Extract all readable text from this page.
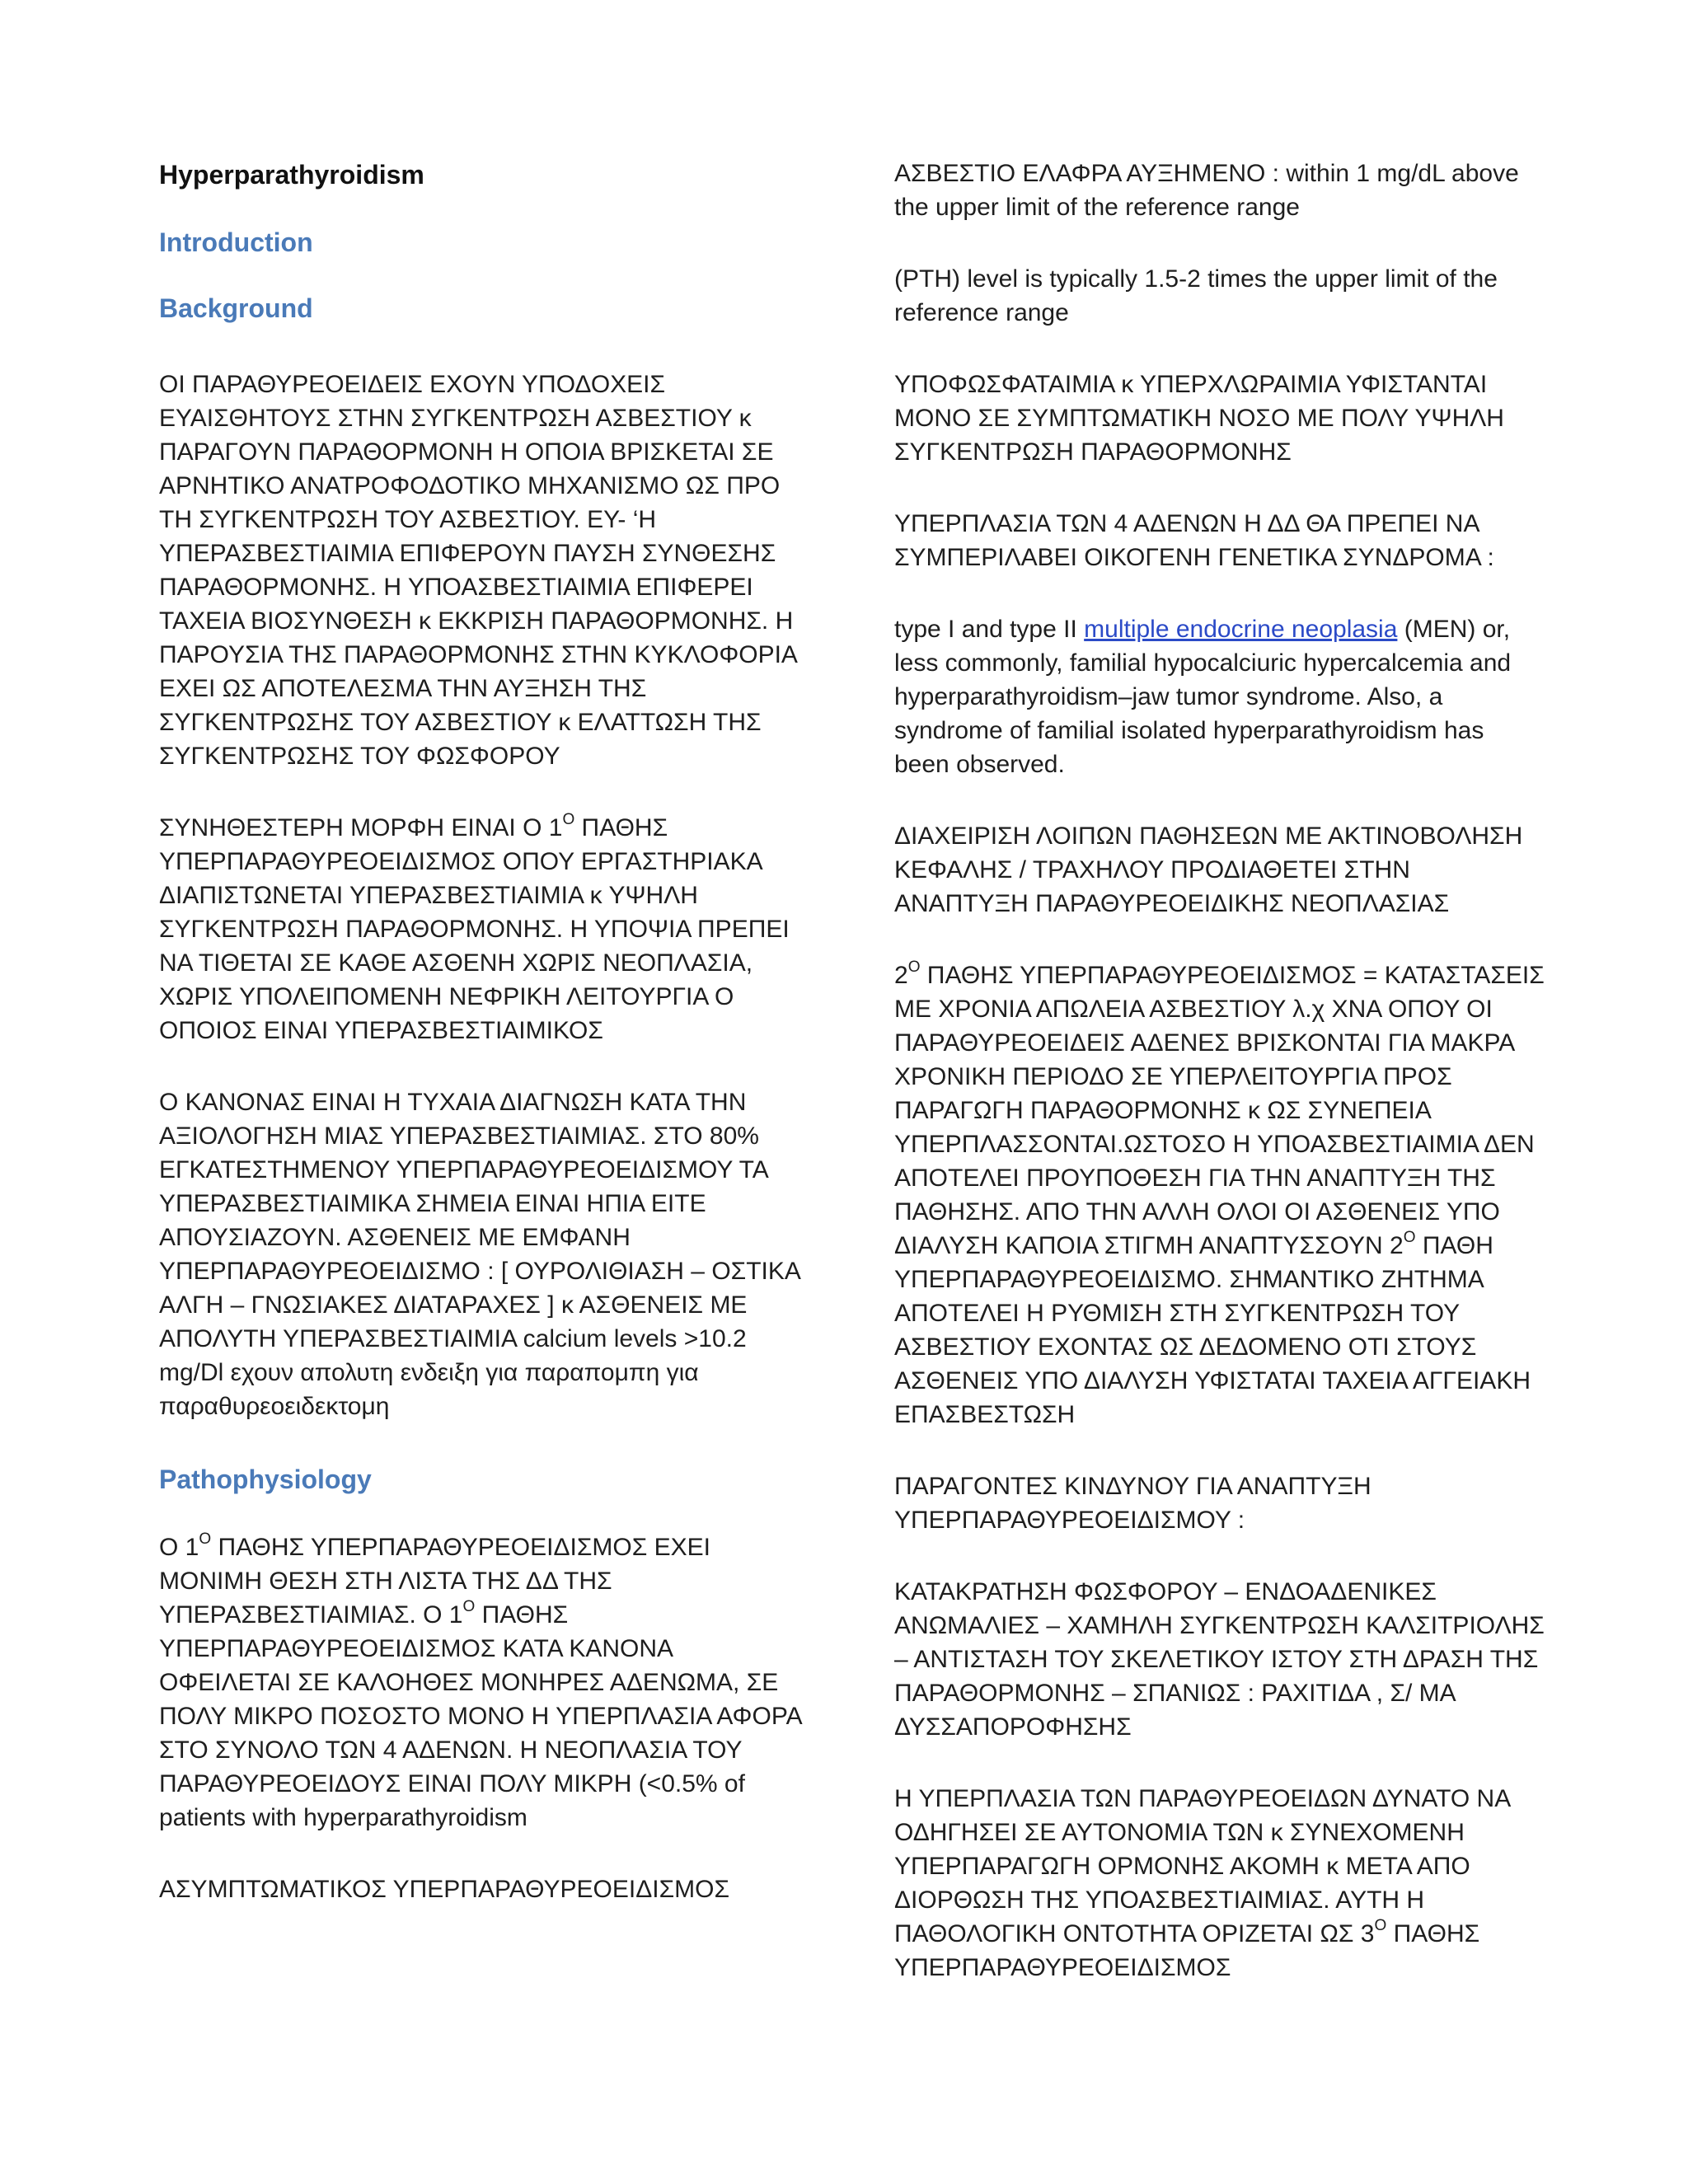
Hyperparathyroidism
Introduction
Background

ΟΙ ΠΑΡΑΘΥΡΕΟΕΙΔΕΙΣ ΕΧΟΥΝ ΥΠΟΔΟΧΕΙΣ ΕΥΑΙΣΘΗΤΟΥΣ ΣΤΗΝ ΣΥΓΚΕΝΤΡΩΣΗ ΑΣΒΕΣΤΙΟΥ κ ΠΑΡΑΓΟΥΝ ΠΑΡΑΘΟΡΜΟΝΗ Η ΟΠΟΙΑ ΒΡΙΣΚΕΤΑΙ ΣΕ ΑΡΝΗΤΙΚΟ ΑΝΑΤΡΟΦΟΔΟΤΙΚΟ ΜΗΧΑΝΙΣΜΟ ΩΣ ΠΡΟ ΤΗ ΣΥΓΚΕΝΤΡΩΣΗ ΤΟΥ ΑΣΒΕΣΤΙΟΥ. ΕΥ- ‘Η ΥΠΕΡΑΣΒΕΣΤΙΑΙΜΙΑ ΕΠΙΦΕΡΟΥΝ ΠΑΥΣΗ ΣΥΝΘΕΣΗΣ ΠΑΡΑΘΟΡΜΟΝΗΣ. Η ΥΠΟΑΣΒΕΣΤΙΑΙΜΙΑ ΕΠΙΦΕΡΕΙ ΤΑΧΕΙΑ ΒΙΟΣΥΝΘΕΣΗ κ ΕΚΚΡΙΣΗ ΠΑΡΑΘΟΡΜΟΝΗΣ. Η ΠΑΡΟΥΣΙΑ ΤΗΣ ΠΑΡΑΘΟΡΜΟΝΗΣ ΣΤΗΝ ΚΥΚΛΟΦΟΡΙΑ ΕΧΕΙ ΩΣ ΑΠΟΤΕΛΕΣΜΑ ΤΗΝ ΑΥΞΗΣΗ ΤΗΣ ΣΥΓΚΕΝΤΡΩΣΗΣ ΤΟΥ ΑΣΒΕΣΤΙΟΥ κ ΕΛΑΤΤΩΣΗ ΤΗΣ ΣΥΓΚΕΝΤΡΩΣΗΣ ΤΟΥ ΦΩΣΦΟΡΟΥ

ΣΥΝΗΘΕΣΤΕΡΗ ΜΟΡΦΗ ΕΙΝΑΙ Ο $1^O$ ΠΑΘΗΣ ΥΠΕΡΠΑΡΑΘΥΡΕΟΕΙΔΙΣΜΟΣ ΟΠΟΥ ΕΡΓΑΣΤΗΡΙΑΚΑ ΔΙΑΠΙΣΤΩΝΕΤΑΙ ΥΠΕΡΑΣΒΕΣΤΙΑΙΜΙΑ κ ΥΨΗΛΗ ΣΥΓΚΕΝΤΡΩΣΗ ΠΑΡΑΘΟΡΜΟΝΗΣ. Η ΥΠΟΨΙΑ ΠΡΕΠΕΙ ΝΑ ΤΙΘΕΤΑΙ ΣΕ ΚΑΘΕ ΑΣΘΕΝΗ ΧΩΡΙΣ ΝΕΟΠΛΑΣΙΑ, ΧΩΡΙΣ ΥΠΟΛΕΙΠΟΜΕΝΗ ΝΕΦΡΙΚΗ ΛΕΙΤΟΥΡΓΙΑ Ο ΟΠΟΙΟΣ ΕΙΝΑΙ ΥΠΕΡΑΣΒΕΣΤΙΑΙΜΙΚΟΣ

Ο ΚΑΝΟΝΑΣ ΕΙΝΑΙ Η ΤΥΧΑΙΑ ΔΙΑΓΝΩΣΗ ΚΑΤΑ ΤΗΝ ΑΞΙΟΛΟΓΗΣΗ ΜΙΑΣ ΥΠΕΡΑΣΒΕΣΤΙΑΙΜΙΑΣ. ΣΤΟ 80% ΕΓΚΑΤΕΣΤΗΜΕΝΟΥ ΥΠΕΡΠΑΡΑΘΥΡΕΟΕΙΔΙΣΜΟΥ ΤΑ ΥΠΕΡΑΣΒΕΣΤΙΑΙΜΙΚΑ ΣΗΜΕΙΑ ΕΙΝΑΙ ΗΠΙΑ ΕΙΤΕ ΑΠΟΥΣΙΑΖΟΥΝ. ΑΣΘΕΝΕΙΣ ΜΕ ΕΜΦΑΝΗ ΥΠΕΡΠΑΡΑΘΥΡΕΟΕΙΔΙΣΜΟ : [ ΟΥΡΟΛΙΘΙΑΣΗ – ΟΣΤΙΚΑ ΑΛΓΗ – ΓΝΩΣΙΑΚΕΣ ΔΙΑΤΑΡΑΧΕΣ ] κ ΑΣΘΕΝΕΙΣ ΜΕ ΑΠΟΛΥΤΗ ΥΠΕΡΑΣΒΕΣΤΙΑΙΜΙΑ calcium levels >10.2 mg/Dl εχουν απολυτη ενδειξη για παραπομπη για παραθυρεοειδεκτομη

Pathophysiology

Ο $1^O$ ΠΑΘΗΣ ΥΠΕΡΠΑΡΑΘΥΡΕΟΕΙΔΙΣΜΟΣ ΕΧΕΙ ΜΟΝΙΜΗ ΘΕΣΗ ΣΤΗ ΛΙΣΤΑ ΤΗΣ ΔΔ ΤΗΣ ΥΠΕΡΑΣΒΕΣΤΙΑΙΜΙΑΣ. Ο $1^O$ ΠΑΘΗΣ ΥΠΕΡΠΑΡΑΘΥΡΕΟΕΙΔΙΣΜΟΣ ΚΑΤΑ ΚΑΝΟΝΑ ΟΦΕΙΛΕΤΑΙ ΣΕ ΚΑΛΟΗΘΕΣ ΜΟΝΗΡΕΣ ΑΔΕΝΩΜΑ, ΣΕ ΠΟΛΥ ΜΙΚΡΟ ΠΟΣΟΣΤΟ ΜΟΝΟ Η ΥΠΕΡΠΛΑΣΙΑ ΑΦΟΡΑ ΣΤΟ ΣΥΝΟΛΟ ΤΩΝ 4 ΑΔΕΝΩΝ. Η ΝΕΟΠΛΑΣΙΑ ΤΟΥ ΠΑΡΑΘΥΡΕΟΕΙΔΟΥΣ ΕΙΝΑΙ ΠΟΛΥ ΜΙΚΡΗ (<0.5% of patients with hyperparathyroidism

ΑΣΥΜΠΤΩΜΑΤΙΚΟΣ ΥΠΕΡΠΑΡΑΘΥΡΕΟΕΙΔΙΣΜΟΣ

ΑΣΒΕΣΤΙΟ ΕΛΑΦΡΑ ΑΥΞΗΜΕΝΟ : within 1 mg/dL above the upper limit of the reference range

(PTH) level is typically 1.5-2 times the upper limit of the reference range

ΥΠΟΦΩΣΦΑΤΑΙΜΙΑ κ ΥΠΕΡΧΛΩΡΑΙΜΙΑ ΥΦΙΣΤΑΝΤΑΙ ΜΟΝΟ ΣΕ ΣΥΜΠΤΩΜΑΤΙΚΗ ΝΟΣΟ ΜΕ ΠΟΛΥ ΥΨΗΛΗ ΣΥΓΚΕΝΤΡΩΣΗ ΠΑΡΑΘΟΡΜΟΝΗΣ

ΥΠΕΡΠΛΑΣΙΑ ΤΩΝ 4 ΑΔΕΝΩΝ Η ΔΔ ΘΑ ΠΡΕΠΕΙ ΝΑ ΣΥΜΠΕΡΙΛΑΒΕΙ ΟΙΚΟΓΕΝΗ ΓΕΝΕΤΙΚΑ ΣΥΝΔΡΟΜΑ :

type I and type II multiple endocrine neoplasia (MEN) or, less commonly, familial hypocalciuric hypercalcemia and hyperparathyroidism–jaw tumor syndrome. Also, a syndrome of familial isolated hyperparathyroidism has been observed.

ΔΙΑΧΕΙΡΙΣΗ ΛΟΙΠΩΝ ΠΑΘΗΣΕΩΝ ΜΕ ΑΚΤΙΝΟΒΟΛΗΣΗ ΚΕΦΑΛΗΣ / ΤΡΑΧΗΛΟΥ ΠΡΟΔΙΑΘΕΤΕΙ ΣΤΗΝ ΑΝΑΠΤΥΞΗ ΠΑΡΑΘΥΡΕΟΕΙΔΙΚΗΣ ΝΕΟΠΛΑΣΙΑΣ

$2^O$ ΠΑΘΗΣ ΥΠΕΡΠΑΡΑΘΥΡΕΟΕΙΔΙΣΜΟΣ = ΚΑΤΑΣΤΑΣΕΙΣ ΜΕ ΧΡΟΝΙΑ ΑΠΩΛΕΙΑ ΑΣΒΕΣΤΙΟΥ λ.χ ΧΝΑ ΟΠΟΥ ΟΙ ΠΑΡΑΘΥΡΕΟΕΙΔΕΙΣ ΑΔΕΝΕΣ ΒΡΙΣΚΟΝΤΑΙ ΓΙΑ ΜΑΚΡΑ ΧΡΟΝΙΚΗ ΠΕΡΙΟΔΟ ΣΕ ΥΠΕΡΛΕΙΤΟΥΡΓΙΑ ΠΡΟΣ ΠΑΡΑΓΩΓΗ ΠΑΡΑΘΟΡΜΟΝΗΣ κ ΩΣ ΣΥΝΕΠΕΙΑ ΥΠΕΡΠΛΑΣΣΟΝΤΑΙ.ΩΣΤΟΣΟ Η ΥΠΟΑΣΒΕΣΤΙΑΙΜΙΑ ΔΕΝ ΑΠΟΤΕΛΕΙ ΠΡΟΥΠΟΘΕΣΗ ΓΙΑ ΤΗΝ ΑΝΑΠΤΥΞΗ ΤΗΣ ΠΑΘΗΣΗΣ. ΑΠΟ ΤΗΝ ΑΛΛΗ ΟΛΟΙ ΟΙ ΑΣΘΕΝΕΙΣ ΥΠΟ ΔΙΑΛΥΣΗ ΚΑΠΟΙΑ ΣΤΙΓΜΗ ΑΝΑΠΤΥΣΣΟΥΝ $2^O$ ΠΑΘΗ ΥΠΕΡΠΑΡΑΘΥΡΕΟΕΙΔΙΣΜΟ. ΣΗΜΑΝΤΙΚΟ ΖΗΤΗΜΑ ΑΠΟΤΕΛΕΙ Η ΡΥΘΜΙΣΗ ΣΤΗ ΣΥΓΚΕΝΤΡΩΣΗ ΤΟΥ ΑΣΒΕΣΤΙΟΥ ΕΧΟΝΤΑΣ ΩΣ ΔΕΔΟΜΕΝΟ ΟΤΙ ΣΤΟΥΣ ΑΣΘΕΝΕΙΣ ΥΠΟ ΔΙΑΛΥΣΗ ΥΦΙΣΤΑΤΑΙ ΤΑΧΕΙΑ ΑΓΓΕΙΑΚΗ ΕΠΑΣΒΕΣΤΩΣΗ

ΠΑΡΑΓΟΝΤΕΣ ΚΙΝΔΥΝΟΥ ΓΙΑ ΑΝΑΠΤΥΞΗ ΥΠΕΡΠΑΡΑΘΥΡΕΟΕΙΔΙΣΜΟΥ :

ΚΑΤΑΚΡΑΤΗΣΗ ΦΩΣΦΟΡΟΥ – ΕΝΔΟΑΔΕΝΙΚΕΣ ΑΝΩΜΑΛΙΕΣ – ΧΑΜΗΛΗ ΣΥΓΚΕΝΤΡΩΣΗ ΚΑΛΣΙΤΡΙΟΛΗΣ – ΑΝΤΙΣΤΑΣΗ ΤΟΥ ΣΚΕΛΕΤΙΚΟΥ ΙΣΤΟΥ ΣΤΗ ΔΡΑΣΗ ΤΗΣ ΠΑΡΑΘΟΡΜΟΝΗΣ – ΣΠΑΝΙΩΣ : ΡΑΧΙΤΙΔΑ , Σ/ ΜΑ ΔΥΣΣΑΠΟΡΟΦΗΣΗΣ

Η ΥΠΕΡΠΛΑΣΙΑ ΤΩΝ ΠΑΡΑΘΥΡΕΟΕΙΔΩΝ ΔΥΝΑΤΟ ΝΑ ΟΔΗΓΗΣΕΙ ΣΕ ΑΥΤΟΝΟΜΙΑ ΤΩΝ κ ΣΥΝΕΧΟΜΕΝΗ ΥΠΕΡΠΑΡΑΓΩΓΗ ΟΡΜΟΝΗΣ ΑΚΟΜΗ κ ΜΕΤΑ ΑΠΟ ΔΙΟΡΘΩΣΗ ΤΗΣ ΥΠΟΑΣΒΕΣΤΙΑΙΜΙΑΣ. ΑΥΤΗ Η ΠΑΘΟΛΟΓΙΚΗ ΟΝΤΟΤΗΤΑ ΟΡΙΖΕΤΑΙ ΩΣ $3^O$ ΠΑΘΗΣ ΥΠΕΡΠΑΡΑΘΥΡΕΟΕΙΔΙΣΜΟΣ
